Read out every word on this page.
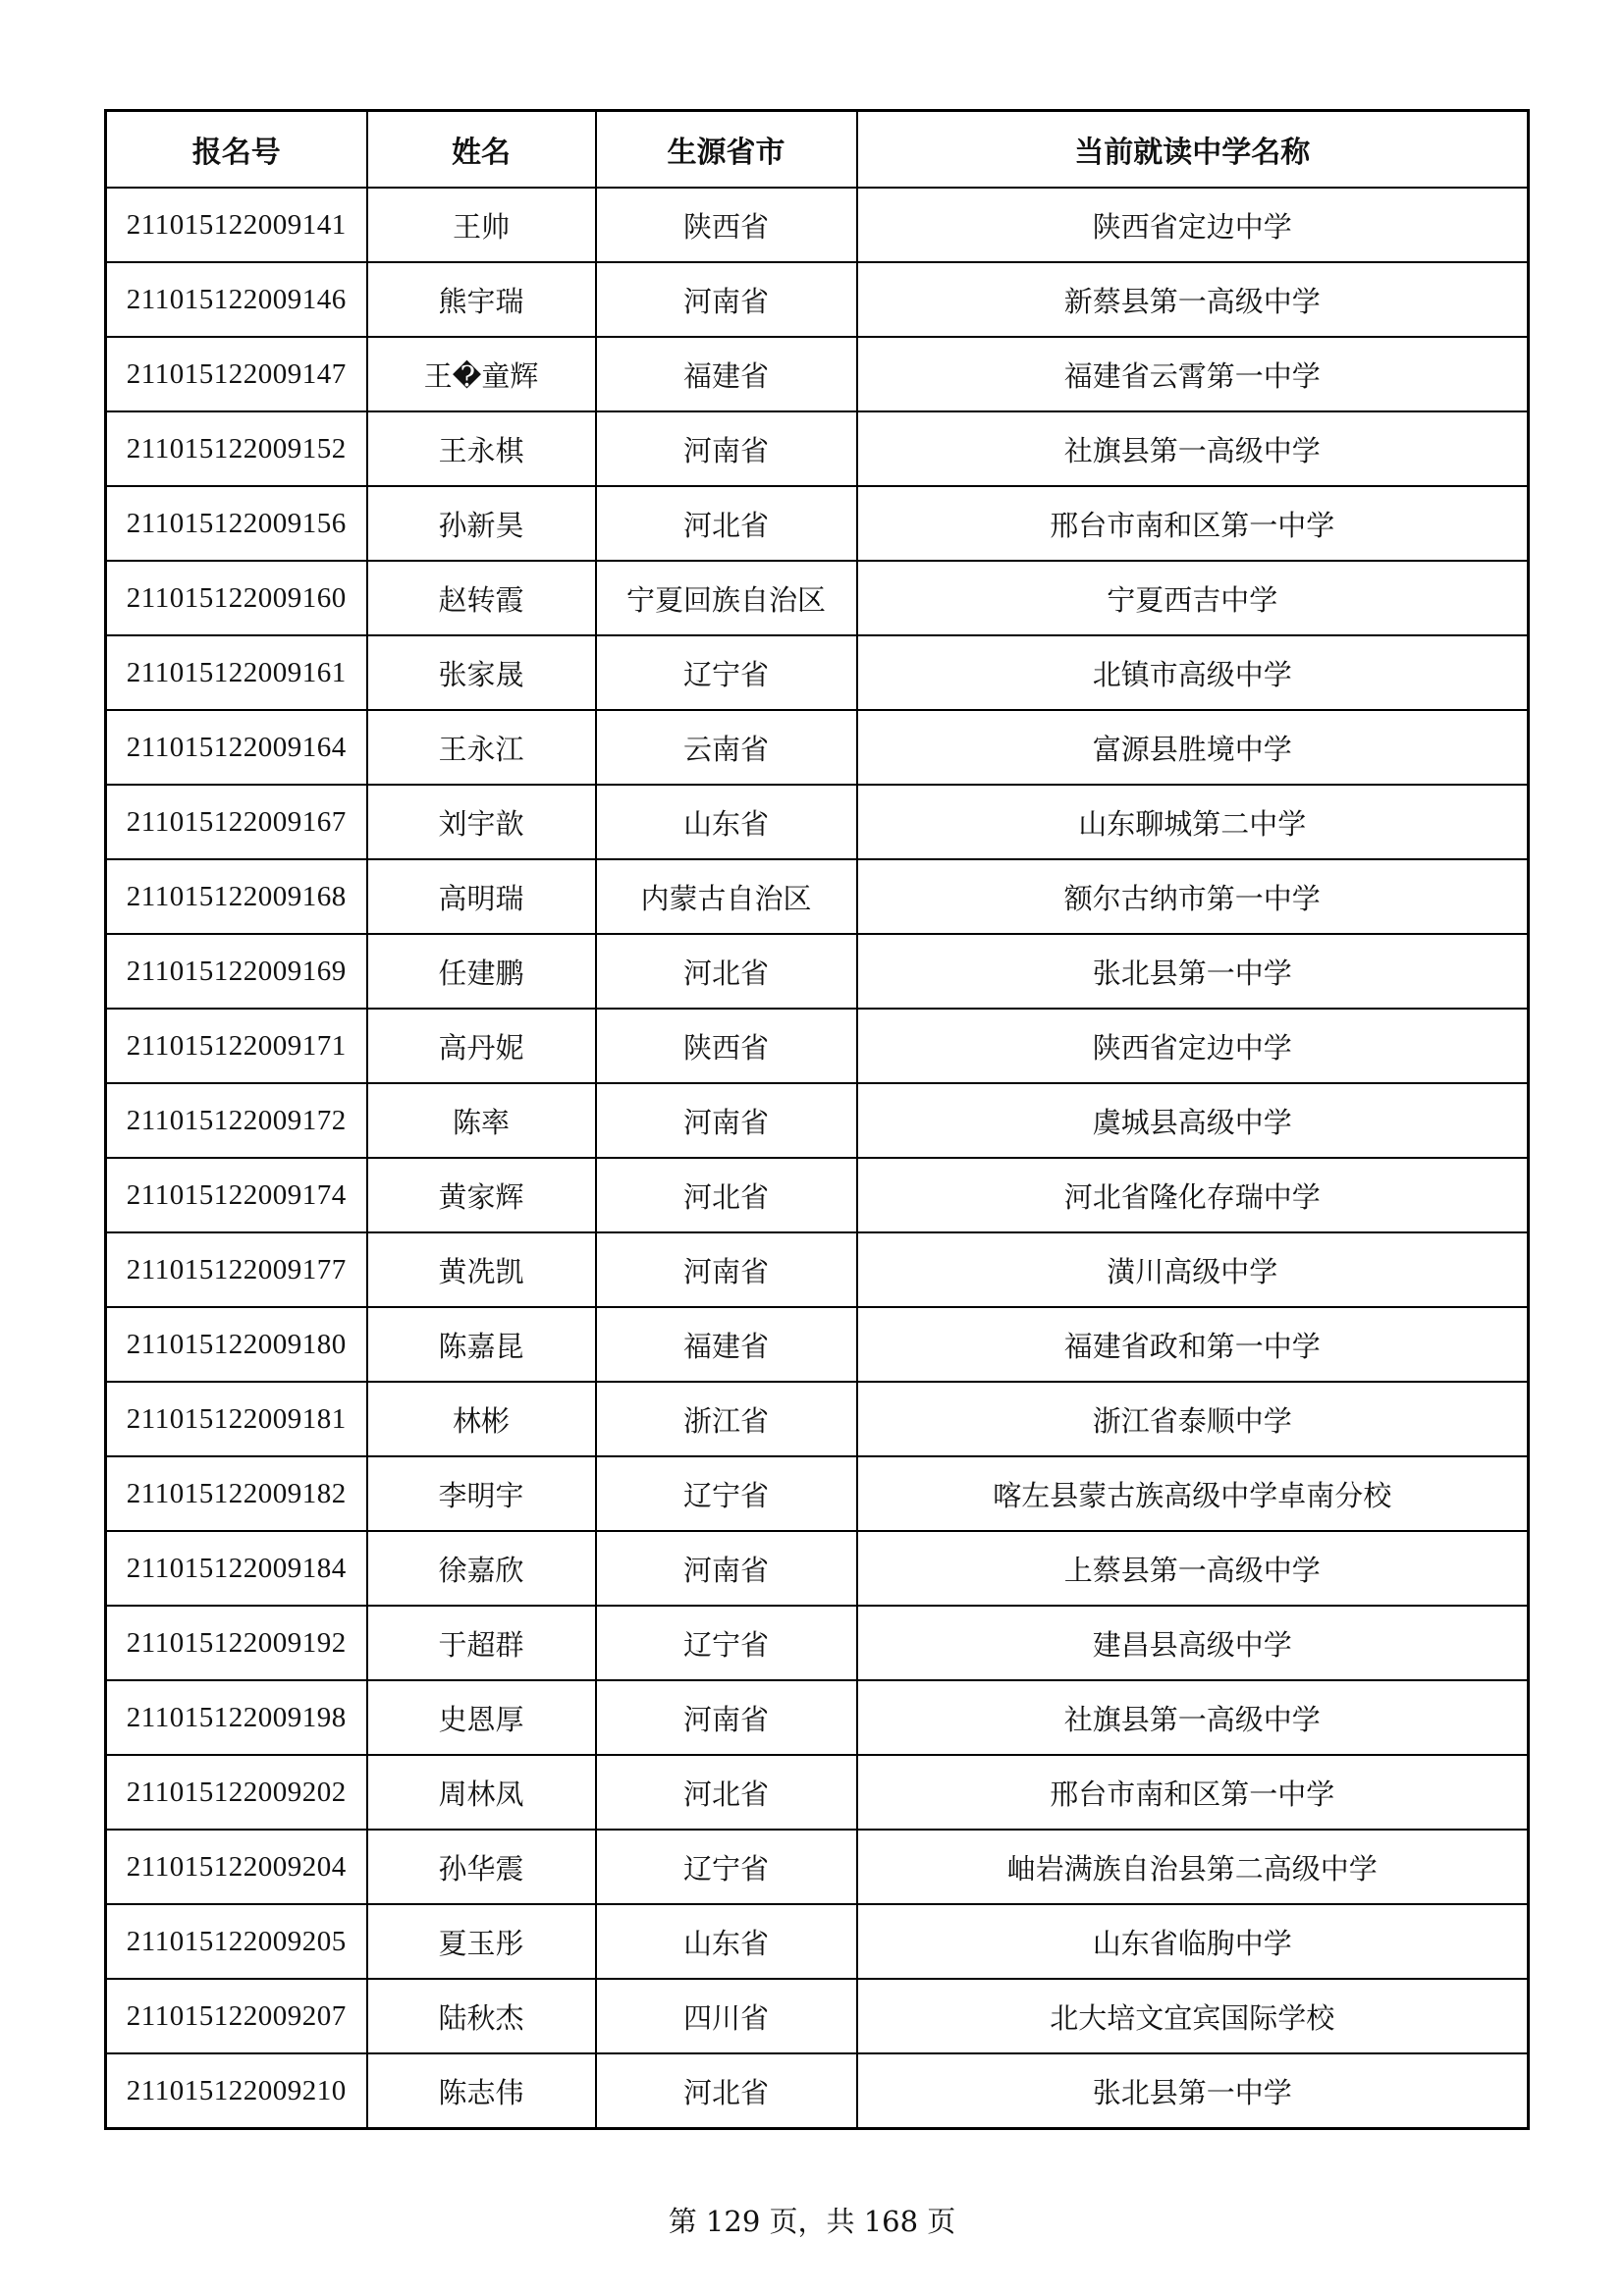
报名号	姓名	生源省市	当前就读中学名称
211015122009141	王帅	陕西省	陕西省定边中学
211015122009146	熊宇瑞	河南省	新蔡县第一高级中学
211015122009147	王�童辉	福建省	福建省云霄第一中学
211015122009152	王永棋	河南省	社旗县第一高级中学
211015122009156	孙新昊	河北省	邢台市南和区第一中学
211015122009160	赵转霞	宁夏回族自治区	宁夏西吉中学
211015122009161	张家晟	辽宁省	北镇市高级中学
211015122009164	王永江	云南省	富源县胜境中学
211015122009167	刘宇歆	山东省	山东聊城第二中学
211015122009168	高明瑞	内蒙古自治区	额尔古纳市第一中学
211015122009169	任建鹏	河北省	张北县第一中学
211015122009171	高丹妮	陕西省	陕西省定边中学
211015122009172	陈率	河南省	虞城县高级中学
211015122009174	黄家辉	河北省	河北省隆化存瑞中学
211015122009177	黄冼凯	河南省	潢川高级中学
211015122009180	陈嘉昆	福建省	福建省政和第一中学
211015122009181	林彬	浙江省	浙江省泰顺中学
211015122009182	李明宇	辽宁省	喀左县蒙古族高级中学卓南分校
211015122009184	徐嘉欣	河南省	上蔡县第一高级中学
211015122009192	于超群	辽宁省	建昌县高级中学
211015122009198	史恩厚	河南省	社旗县第一高级中学
211015122009202	周林凤	河北省	邢台市南和区第一中学
211015122009204	孙华震	辽宁省	岫岩满族自治县第二高级中学
211015122009205	夏玉彤	山东省	山东省临朐中学
211015122009207	陆秋杰	四川省	北大培文宜宾国际学校
211015122009210	陈志伟	河北省	张北县第一中学
第 129 页，共 168 页
